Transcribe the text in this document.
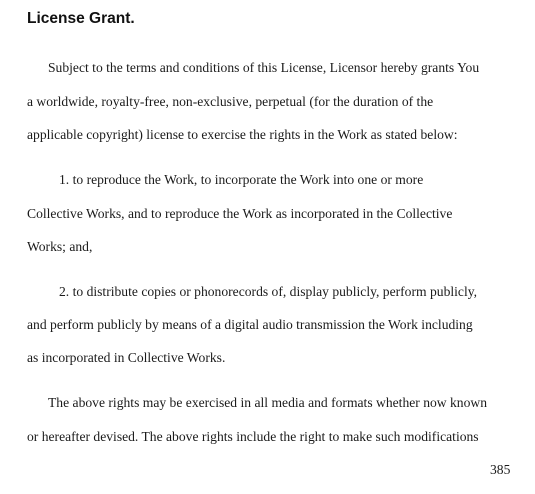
License Grant.

Subject to the terms and conditions of this License, Licensor hereby grants You

a worldwide, royalty-free, non-exclusive, perpetual (for the duration of the

applicable copyright) license to exercise the rights in the Work as stated below:

1. to reproduce the Work, to incorporate the Work into one or more

Collective Works, and to reproduce the Work as incorporated in the Collective

Works; and,

2. to distribute copies or phonorecords of, display publicly, perform publicly,

and perform publicly by means of a digital audio transmission the Work including

as incorporated in Collective Works.

The above rights may be exercised in all media and formats whether now known

or hereafter devised. The above rights include the right to make such modifications

385
